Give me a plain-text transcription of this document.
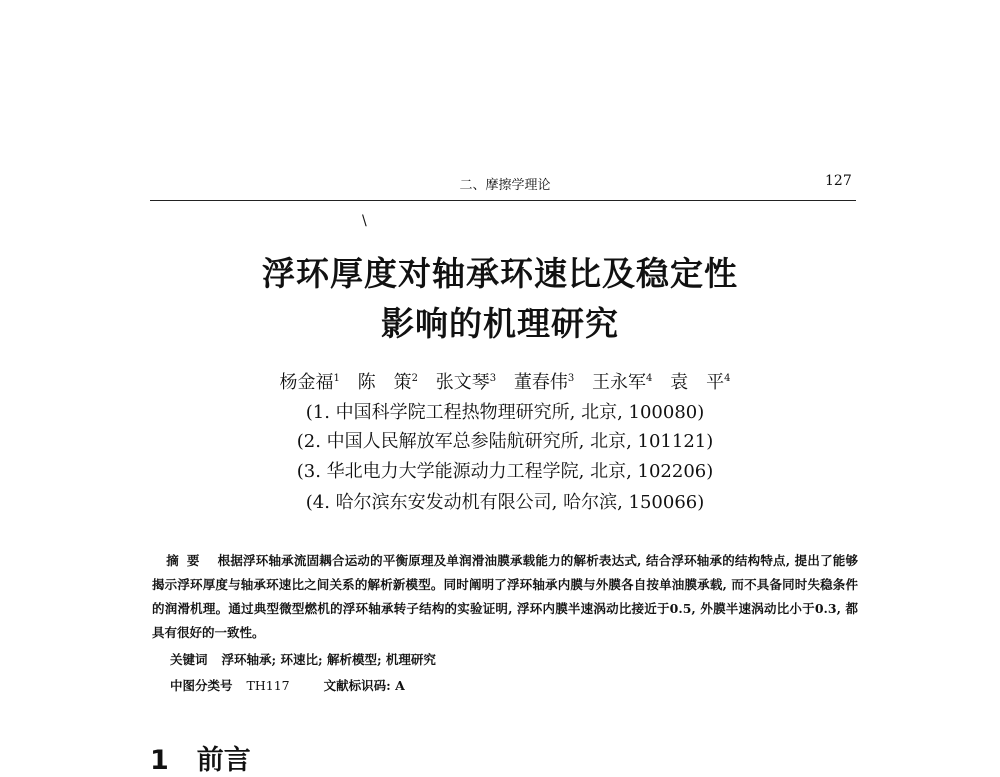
二、摩擦学理论	127
\
浮环厚度对轴承环速比及稳定性
影响的机理研究
杨金福$^1$ 陈　策$^2$ 张文琴$^3$ 董春伟$^3$ 王永军$^4$ 袁　平$^4$
(1. 中国科学院工程热物理研究所, 北京, 100080)
(2. 中国人民解放军总参陆航研究所, 北京, 101121)
(3. 华北电力大学能源动力工程学院, 北京, 102206)
(4. 哈尔滨东安发动机有限公司, 哈尔滨, 150066)
摘要 根据浮环轴承流固耦合运动的平衡原理及单润滑油膜承载能力的解析表达式, 结合浮环轴承的结构特点, 提出了能够揭示浮环厚度与轴承环速比之间关系的解析新模型。同时阐明了浮环轴承内膜与外膜各自按单油膜承载, 而不具备同时失稳条件的润滑机理。通过典型微型燃机的浮环轴承转子结构的实验证明, 浮环内膜半速涡动比接近于0.5, 外膜半速涡动比小于0.3, 都具有很好的一致性。
关键词 浮环轴承; 环速比; 解析模型; 机理研究
中图分类号 TH117	文献标识码: A
1 前言
